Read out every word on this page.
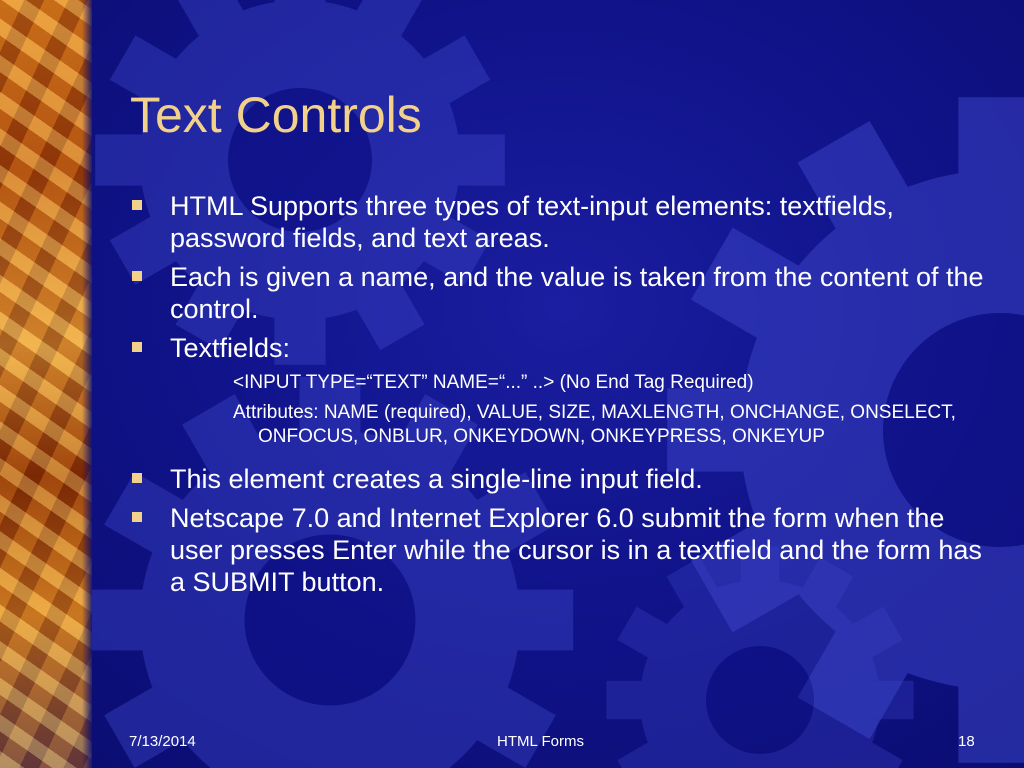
Text Controls
HTML Supports three types of text-input elements: textfields, password fields, and text areas.
Each is given a name, and the value is taken from the content of the control.
Textfields:
<INPUT TYPE=“TEXT” NAME=“...” ..> (No End Tag Required)
Attributes: NAME (required), VALUE, SIZE, MAXLENGTH, ONCHANGE, ONSELECT, ONFOCUS, ONBLUR, ONKEYDOWN, ONKEYPRESS, ONKEYUP
This element creates a single-line input field.
Netscape 7.0 and Internet Explorer 6.0 submit the form when the user presses Enter while the cursor is in a textfield and the form has a SUBMIT button.
7/13/2014	HTML Forms	18
